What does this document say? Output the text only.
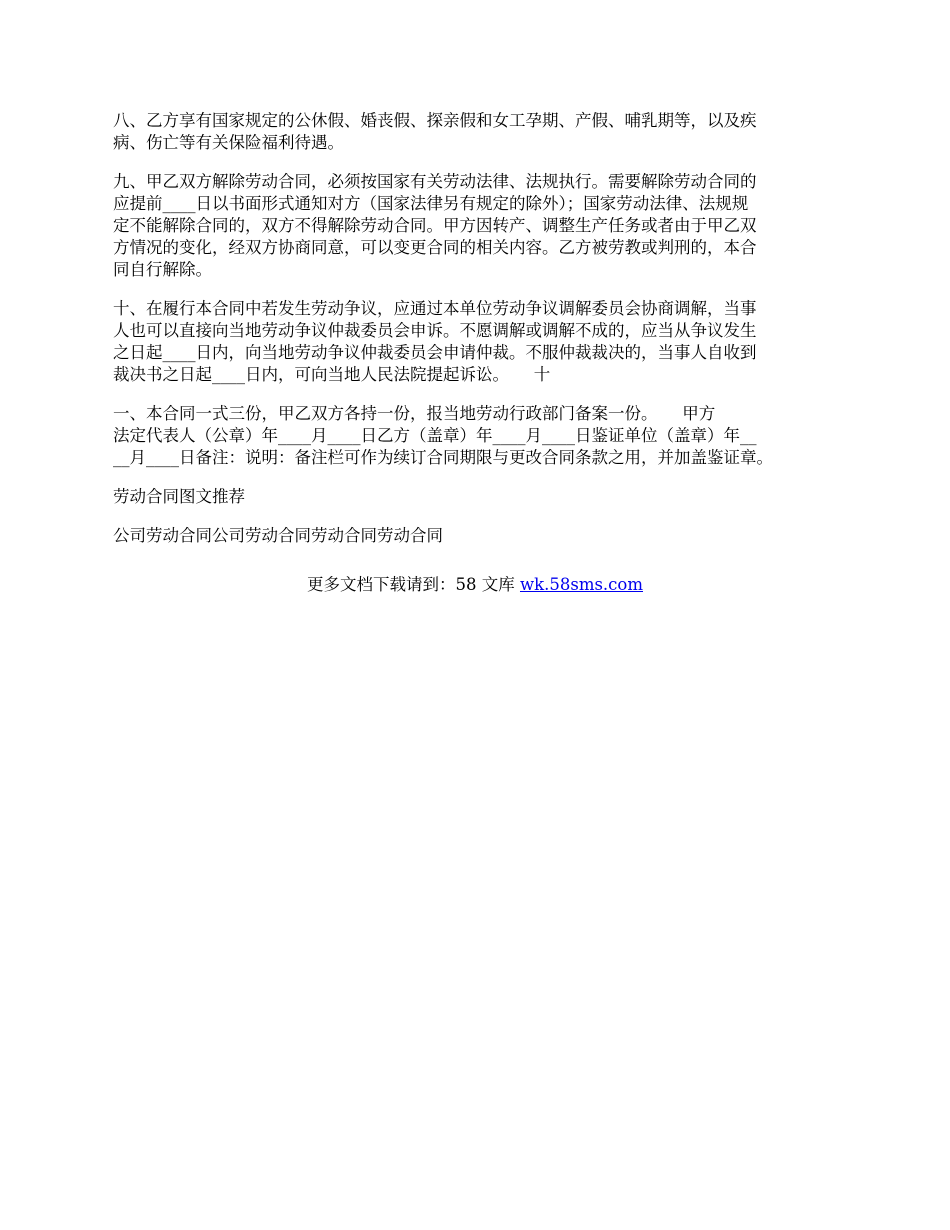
八、乙方享有国家规定的公休假、婚丧假、探亲假和女工孕期、产假、哺乳期等，以及疾
病、伤亡等有关保险福利待遇。

九、甲乙双方解除劳动合同，必须按国家有关劳动法律、法规执行。需要解除劳动合同的
应提前____日以书面形式通知对方（国家法律另有规定的除外）；国家劳动法律、法规规
定不能解除合同的，双方不得解除劳动合同。甲方因转产、调整生产任务或者由于甲乙双
方情况的变化，经双方协商同意，可以变更合同的相关内容。乙方被劳教或判刑的，本合
同自行解除。

十、在履行本合同中若发生劳动争议，应通过本单位劳动争议调解委员会协商调解，当事
人也可以直接向当地劳动争议仲裁委员会申诉。不愿调解或调解不成的，应当从争议发生
之日起____日内，向当地劳动争议仲裁委员会申请仲裁。不服仲裁裁决的，当事人自收到
裁决书之日起____日内，可向当地人民法院提起诉讼。　　十

一、本合同一式三份，甲乙双方各持一份，报当地劳动行政部门备案一份。　　甲方
法定代表人（公章）年____月____日乙方（盖章）年____月____日鉴证单位（盖章）年__
__月____日备注：说明：备注栏可作为续订合同期限与更改合同条款之用，并加盖鉴证章。

劳动合同图文推荐

公司劳动合同公司劳动合同劳动合同劳动合同

更多文档下载请到：58 文库 wk.58sms.com
